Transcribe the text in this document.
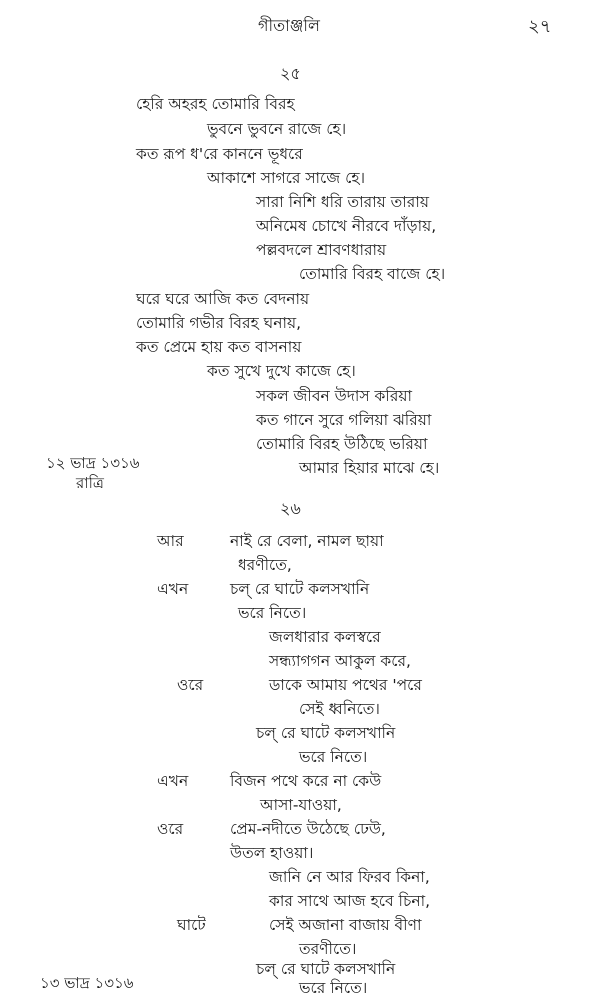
গীতাঞ্জলি	২৭
২৫
হেরি অহরহ তোমারি বিরহ
ভুবনে ভুবনে রাজে হে।
কত রূপ ধ'রে কাননে ভূধরে
আকাশে সাগরে সাজে হে।
সারা নিশি ধরি তারায় তারায়
অনিমেষ চোখে নীরবে দাঁড়ায়,
পল্লবদলে শ্রাবণধারায়
তোমারি বিরহ বাজে হে।
ঘরে ঘরে আজি কত বেদনায়
তোমারি গভীর বিরহ ঘনায়,
কত প্রেমে হায় কত বাসনায়
কত সুখে দুখে কাজে হে।
সকল জীবন উদাস করিয়া
কত গানে সুরে গলিয়া ঝরিয়া
তোমারি বিরহ উঠিছে ভরিয়া
আমার হিয়ার মাঝে হে।
১২ ভাদ্র ১৩১৬
রাত্রি
২৬
আর	নাই রে বেলা, নামল ছায়া
ধরণীতে,
এখন	চল্ রে ঘাটে কলসখানি
ভরে নিতে।
জলধারার কলস্বরে
সন্ধ্যাগগন আকুল করে,
ওরে	ডাকে আমায় পথের 'পরে
সেই ধ্বনিতে।
চল্ রে ঘাটে কলসখানি
ভরে নিতে।
এখন	বিজন পথে করে না কেউ
আসা-যাওয়া,
ওরে	প্রেম-নদীতে উঠেছে ঢেউ,
উতল হাওয়া।
জানি নে আর ফিরব কিনা,
কার সাথে আজ হবে চিনা,
ঘাটে	সেই অজানা বাজায় বীণা
তরণীতে।
চল্ রে ঘাটে কলসখানি
ভরে নিতে।
১৩ ভাদ্র ১৩১৬
